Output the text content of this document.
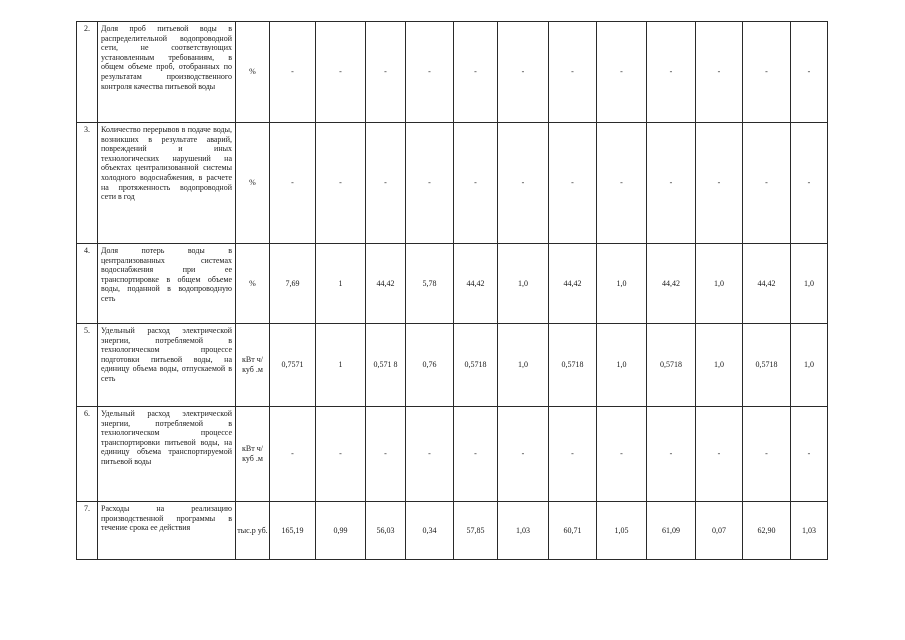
2.	Доля проб питьевой воды в распределительной водопроводной сети, не соответствующих установленным требованиям, в общем объеме проб, отобранных по результатам производственного контроля качества питьевой воды	%	-	-	-	-	-	-	-	-	-	-	-	-
3.	Количество перерывов в подаче воды, возникших в результате аварий, повреждений и иных технологических нарушений на объектах централизованной системы холодного водоснабжения, в расчете на протяженность водопроводной сети в год	%	-	-	-	-	-	-	-	-	-	-	-	-
4.	Доля потерь воды в централизованных системах водоснабжения при ее транспортировке в общем объеме воды, поданной в водопроводную сеть	%	7,69	1	44,42	5,78	44,42	1,0	44,42	1,0	44,42	1,0	44,42	1,0
5.	Удельный расход электрической энергии, потребляемой в технологическом процессе подготовки питьевой воды, на единицу объема воды, отпускаемой в сеть	кВт ч/куб .м	0,7571	1	0,571 8	0,76	0,5718	1,0	0,5718	1,0	0,5718	1,0	0,5718	1,0
6.	Удельный расход электрической энергии, потребляемой в технологическом процессе транспортировки питьевой воды, на единицу объема транспортируемой питьевой воды	кВт ч/куб .м	-	-	-	-	-	-	-	-	-	-	-	-
7.	Расходы на реализацию производственной программы в течение срока ее действия	тыс.р уб.	165,19	0,99	56,03	0,34	57,85	1,03	60,71	1,05	61,09	0,07	62,90	1,03
